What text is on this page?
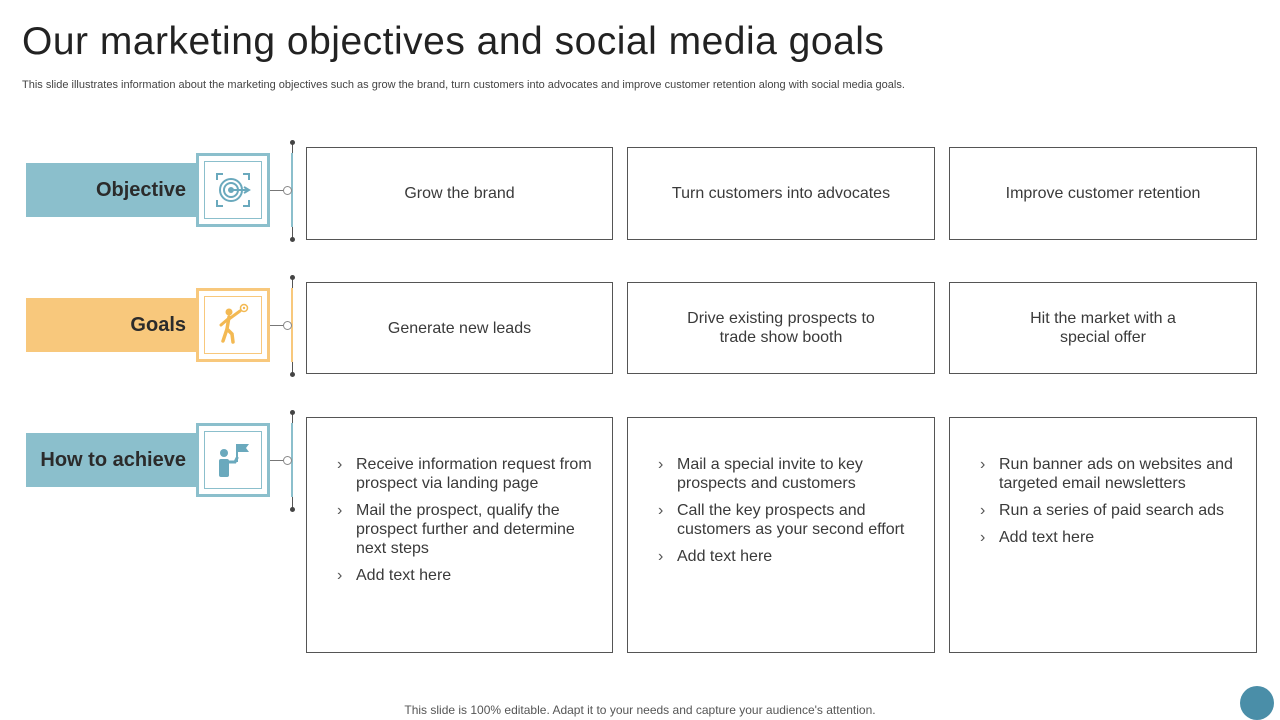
Our marketing objectives and social media goals

This slide illustrates information about the marketing objectives such as grow the brand, turn customers into advocates and improve customer retention along with social media goals.

Objective	Grow the brand	Turn customers into advocates	Improve customer retention
Goals	Generate new leads
Drive existing prospects to
trade show booth
Hit the market with a
special offer
How to achieve
›	Receive information request from prospect via landing page
› Mail the prospect, qualify the prospect further and determine next steps
› Add text here
› Mail a special invite to key prospects and customers
› Call the key prospects and customers as your second effort
› Add text here
› Run banner ads on websites and targeted email newsletters
› Run a series of paid search ads
› Add text here
This slide is 100% editable. Adapt it to your needs and capture your audience's attention.
